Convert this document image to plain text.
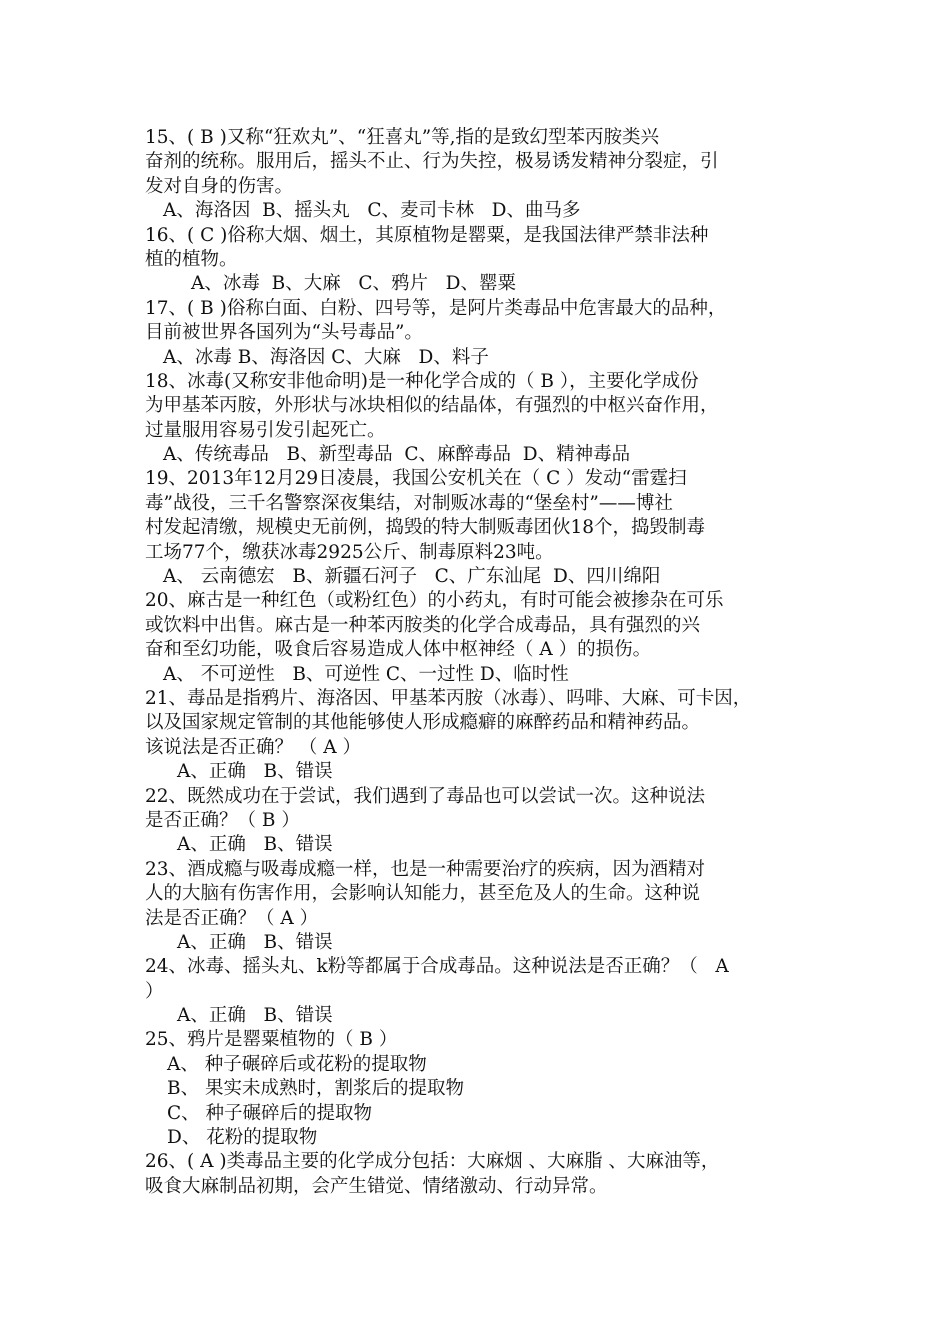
15、( B )又称“狂欢丸”、“狂喜丸”等,指的是致幻型苯丙胺类兴
奋剂的统称。服用后，摇头不止、行为失控，极易诱发精神分裂症，引
发对自身的伤害。
A、海洛因  B、摇头丸   C、麦司卡林   D、曲马多
16、( C )俗称大烟、烟土，其原植物是罂粟，是我国法律严禁非法种
植的植物。
A、冰毒  B、大麻   C、鸦片   D、罂粟
17、( B )俗称白面、白粉、四号等，是阿片类毒品中危害最大的品种，
目前被世界各国列为“头号毒品”。
A、冰毒 B、海洛因 C、大麻   D、料子
18、冰毒(又称安非他命明)是一种化学合成的（ B ），主要化学成份
为甲基苯丙胺，外形状与冰块相似的结晶体，有强烈的中枢兴奋作用，
过量服用容易引发引起死亡。
A、传统毒品   B、新型毒品  C、麻醉毒品  D、精神毒品
19、2013年12月29日凌晨，我国公安机关在（ C ）发动“雷霆扫
毒”战役，三千名警察深夜集结，对制贩冰毒的“堡垒村”——博社
村发起清缴，规模史无前例，捣毁的特大制贩毒团伙18个，捣毁制毒
工场77个，缴获冰毒2925公斤、制毒原料23吨。
A、 云南德宏   B、新疆石河子   C、广东汕尾  D、四川绵阳
20、麻古是一种红色（或粉红色）的小药丸，有时可能会被掺杂在可乐
或饮料中出售。麻古是一种苯丙胺类的化学合成毒品，具有强烈的兴
奋和至幻功能，吸食后容易造成人体中枢神经（ A ）的损伤。
A、 不可逆性   B、可逆性 C、一过性 D、临时性
21、毒品是指鸦片、海洛因、甲基苯丙胺（冰毒）、吗啡、大麻、可卡因，
以及国家规定管制的其他能够使人形成瘾癖的麻醉药品和精神药品。
该说法是否正确？ （ A ）
A、正确   B、错误
22、既然成功在于尝试，我们遇到了毒品也可以尝试一次。这种说法
是否正确？（ B ）
A、正确   B、错误
23、酒成瘾与吸毒成瘾一样，也是一种需要治疗的疾病，因为酒精对
人的大脑有伤害作用，会影响认知能力，甚至危及人的生命。这种说
法是否正确？（ A ）
A、正确   B、错误
24、冰毒、摇头丸、k粉等都属于合成毒品。这种说法是否正确？（   A
）
A、正确   B、错误
25、鸦片是罂粟植物的（ B ）
A、 种子碾碎后或花粉的提取物
B、 果实未成熟时，割浆后的提取物
C、 种子碾碎后的提取物
D、 花粉的提取物
26、( A )类毒品主要的化学成分包括：大麻烟 、大麻脂 、大麻油等，
吸食大麻制品初期，会产生错觉、情绪激动、行动异常。
